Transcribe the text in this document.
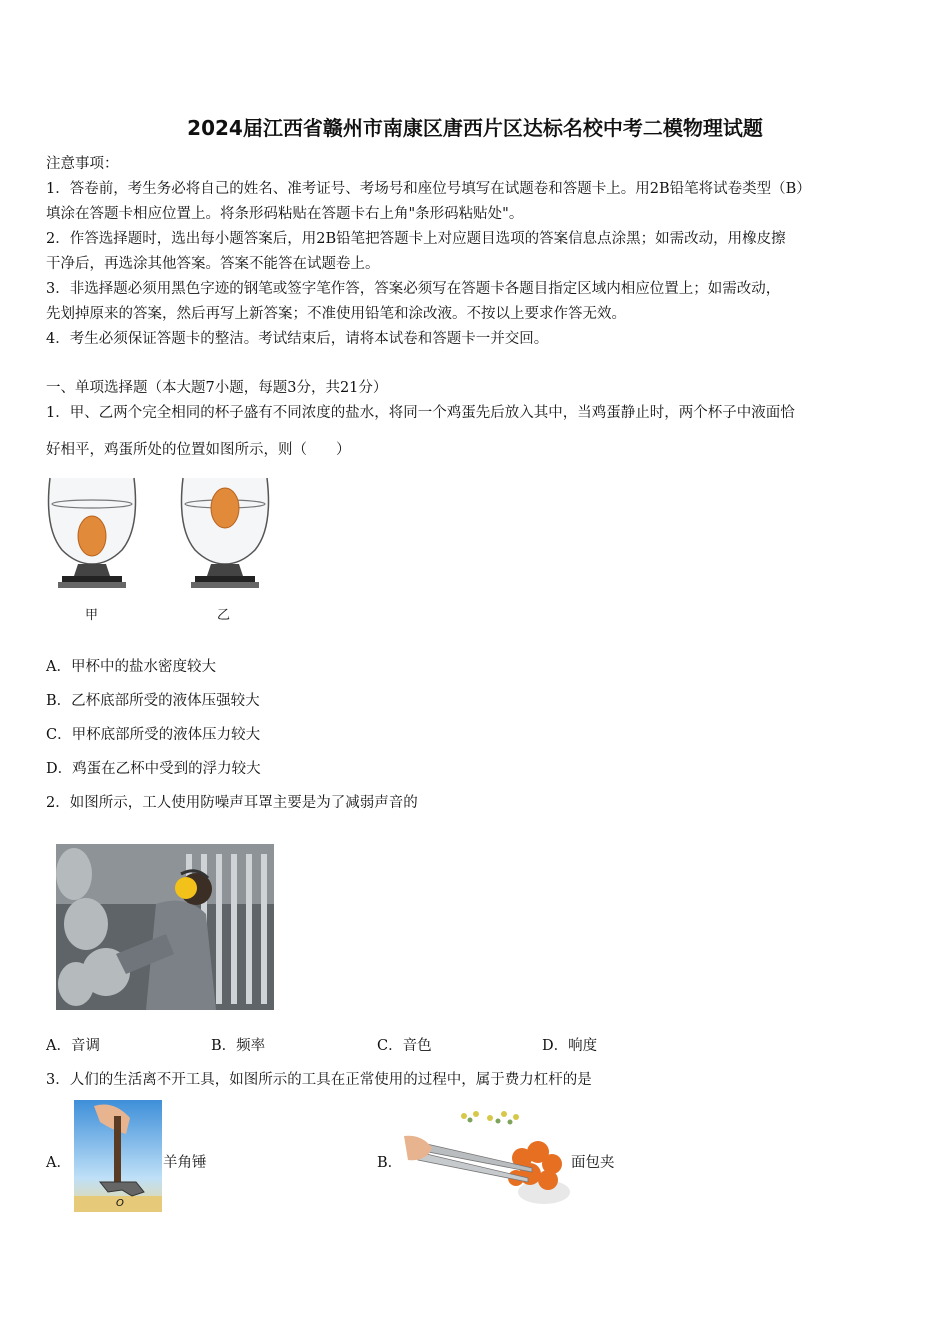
2024届江西省赣州市南康区唐西片区达标名校中考二模物理试题
注意事项：
1．答卷前，考生务必将自己的姓名、准考证号、考场号和座位号填写在试题卷和答题卡上。用2B铅笔将试卷类型（B）
填涂在答题卡相应位置上。将条形码粘贴在答题卡右上角"条形码粘贴处"。
2．作答选择题时，选出每小题答案后，用2B铅笔把答题卡上对应题目选项的答案信息点涂黑；如需改动，用橡皮擦
干净后，再选涂其他答案。答案不能答在试题卷上。
3．非选择题必须用黑色字迹的钢笔或签字笔作答，答案必须写在答题卡各题目指定区域内相应位置上；如需改动，
先划掉原来的答案，然后再写上新答案；不准使用铅笔和涂改液。不按以上要求作答无效。
4．考生必须保证答题卡的整洁。考试结束后，请将本试卷和答题卡一并交回。
一、单项选择题（本大题7小题，每题3分，共21分）
1．甲、乙两个完全相同的杯子盛有不同浓度的盐水，将同一个鸡蛋先后放入其中，当鸡蛋静止时，两个杯子中液面恰
好相平，鸡蛋所处的位置如图所示，则（　　）
甲	乙
A．甲杯中的盐水密度较大
B．乙杯底部所受的液体压强较大
C．甲杯底部所受的液体压力较大
D．鸡蛋在乙杯中受到的浮力较大
2．如图所示，工人使用防噪声耳罩主要是为了减弱声音的
A．音调	B．频率	C．音色	D．响度
3．人们的生活离不开工具，如图所示的工具在正常使用的过程中，属于费力杠杆的是
A．
O
羊角锤	B．	面包夹
